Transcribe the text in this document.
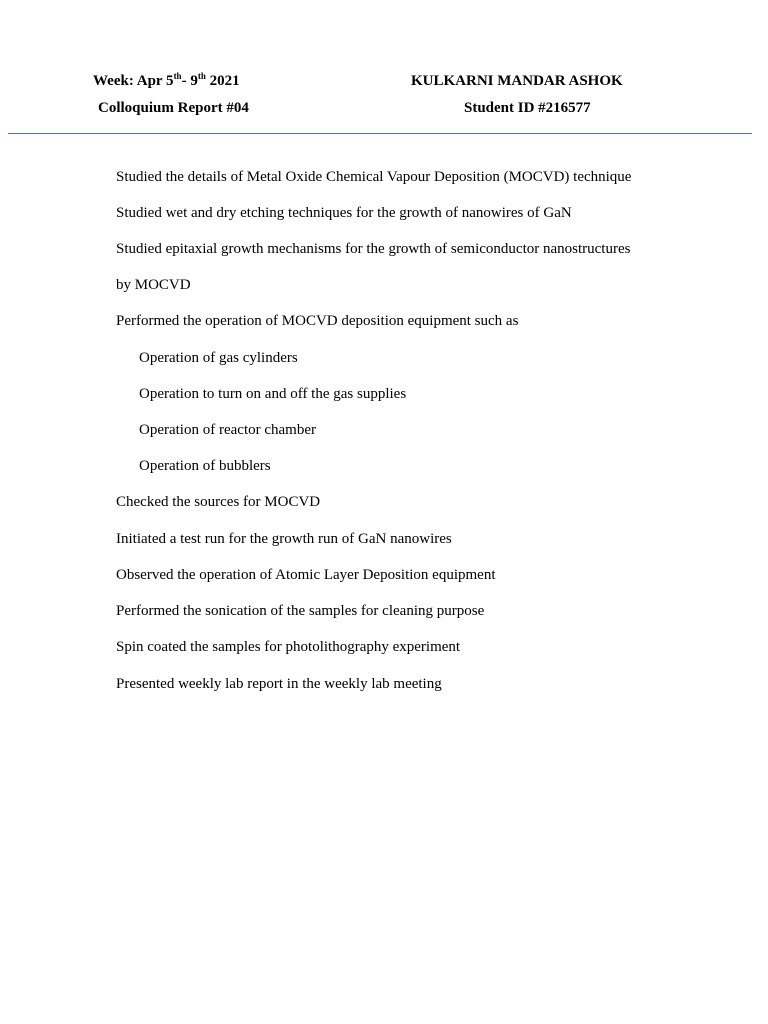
Week: Apr 5th- 9th 2021
Colloquium Report #04
KULKARNI MANDAR ASHOK
Student ID #216577
Studied the details of Metal Oxide Chemical Vapour Deposition (MOCVD) technique
Studied wet and dry etching techniques for the growth of nanowires of GaN
Studied epitaxial growth mechanisms for the growth of semiconductor nanostructures
by MOCVD
Performed the operation of MOCVD deposition equipment such as
Operation of gas cylinders
Operation to turn on and off the gas supplies
Operation of reactor chamber
Operation of bubblers
Checked the sources for MOCVD
Initiated a test run for the growth run of GaN nanowires
Observed the operation of Atomic Layer Deposition equipment
Performed the sonication of the samples for cleaning purpose
Spin coated the samples for photolithography experiment
Presented weekly lab report in the weekly lab meeting
